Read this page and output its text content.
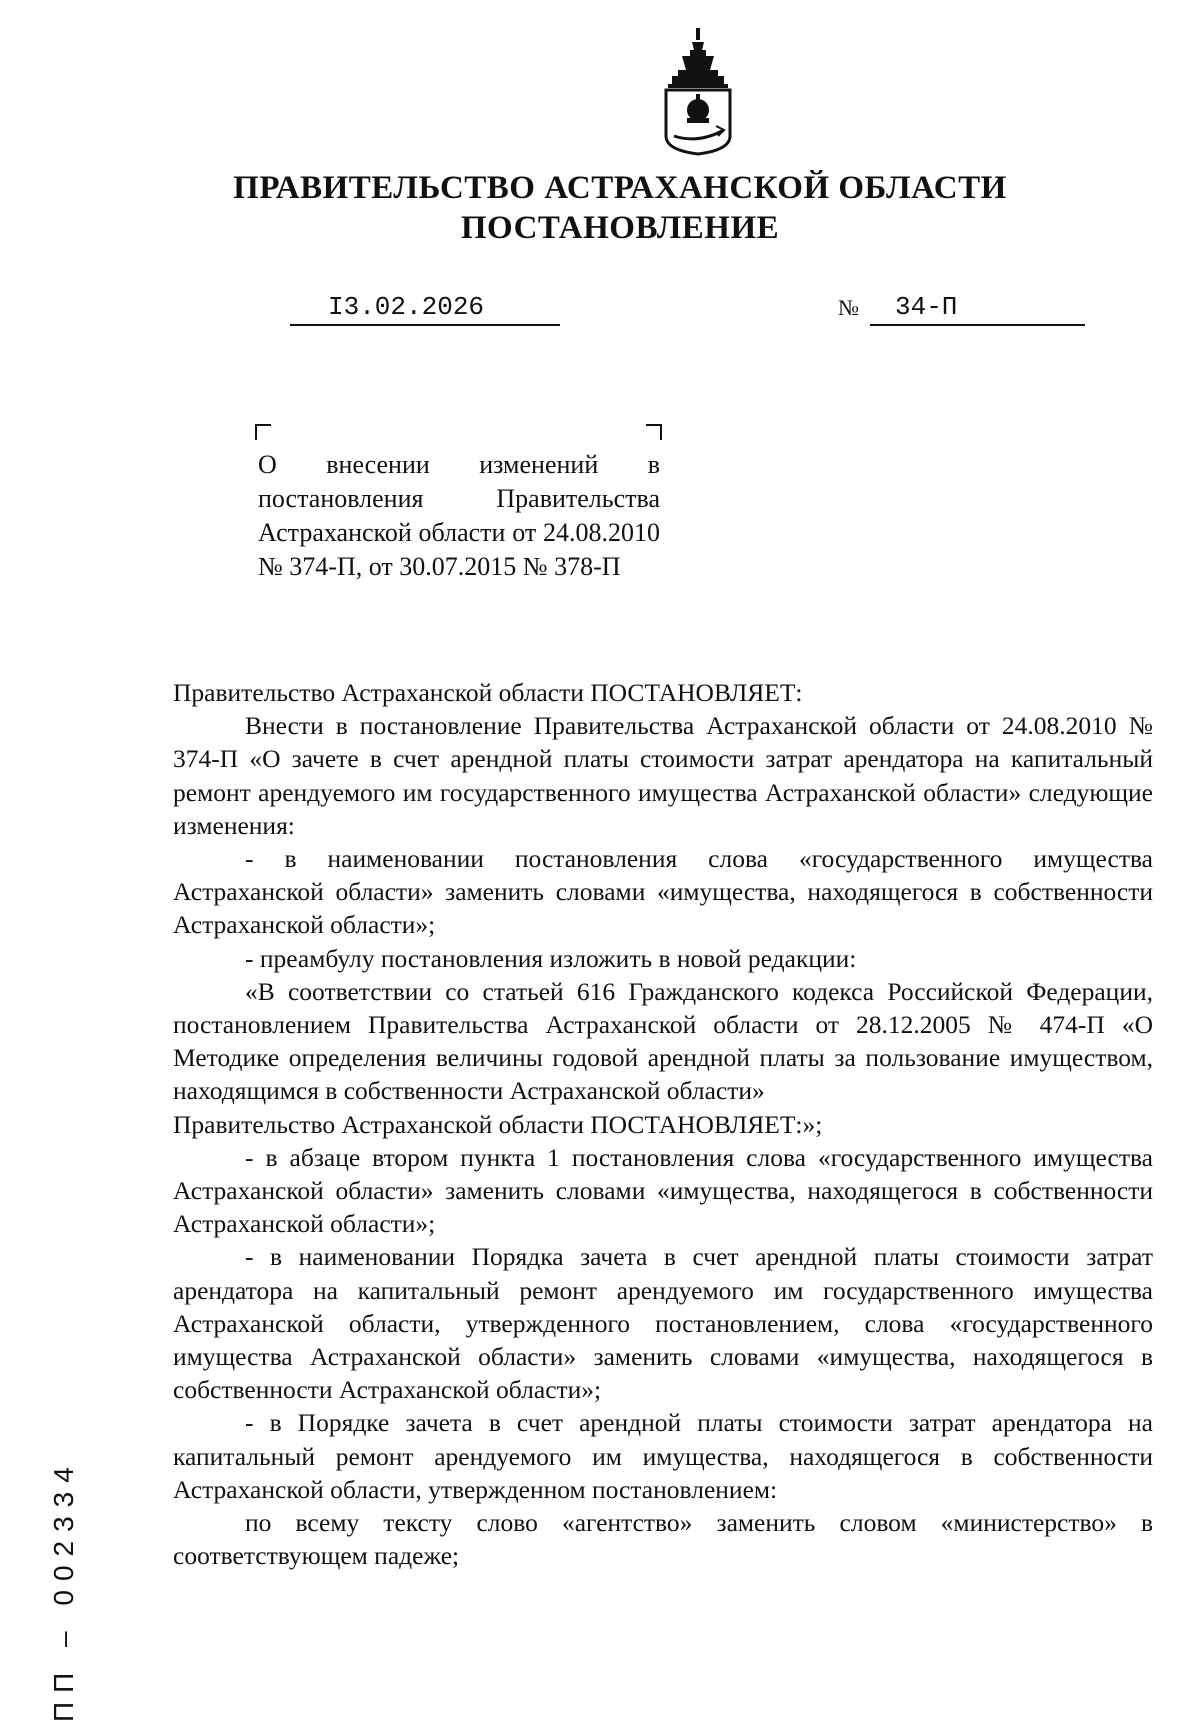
ПРАВИТЕЛЬСТВО АСТРАХАНСКОЙ ОБЛАСТИ
ПОСТАНОВЛЕНИЕ
I3.02.2026	№ 34-П
О внесении изменений в постановления Правительства Астраханской области от 24.08.2010 № 374-П, от 30.07.2015 № 378-П

Правительство Астраханской области ПОСТАНОВЛЯЕТ:

Внести в постановление Правительства Астраханской области от 24.08.2010 № 374-П «О зачете в счет арендной платы стоимости затрат арендатора на капитальный ремонт арендуемого им государственного имущества Астраханской области» следующие изменения:

- в наименовании постановления слова «государственного имущества Астраханской области» заменить словами «имущества, находящегося в собственности Астраханской области»;

- преамбулу постановления изложить в новой редакции:

«В соответствии со статьей 616 Гражданского кодекса Российской Федерации, постановлением Правительства Астраханской области от 28.12.2005 № 474-П «О Методике определения величины годовой арендной платы за пользование имуществом, находящимся в собственности Астраханской области»

Правительство Астраханской области ПОСТАНОВЛЯЕТ:»;

- в абзаце втором пункта 1 постановления слова «государственного имущества Астраханской области» заменить словами «имущества, находящегося в собственности Астраханской области»;

- в наименовании Порядка зачета в счет арендной платы стоимости затрат арендатора на капитальный ремонт арендуемого им государственного имущества Астраханской области, утвержденного постановлением, слова «государственного имущества Астраханской области» заменить словами «имущества, находящегося в собственности Астраханской области»;

- в Порядке зачета в счет арендной платы стоимости затрат арендатора на капитальный ремонт арендуемого им имущества, находящегося в собственности Астраханской области, утвержденном постановлением:

по всему тексту слово «агентство» заменить словом «министерство» в соответствующем падеже;

ПП – 002334
